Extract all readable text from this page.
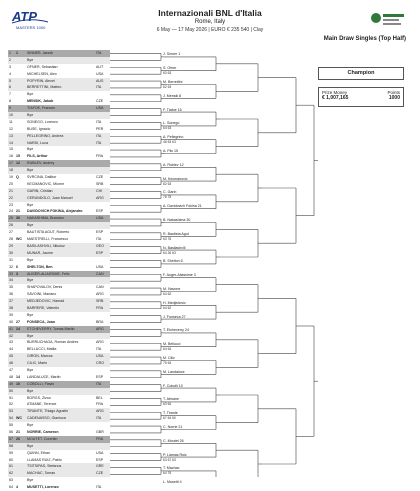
ATP
MASTERS 1000
Internazionali BNL d'Italia
Rome, Italy
6 May — 17 May 2026 | EURO € 235 540 | Clay
Main Draw Singles (Top Half)
Champion
Prize Money
€ 1,007,165
Points
1000
1 1	SINNER, Jannik	ITA
2	Bye
3	OFNER, Sebastian	AUT
4	MICHELSEN, Alex	USA
5	POPYRIN, Alexei	AUS
6	BERRETTINI, Matteo	ITA
7	Bye
8	MENSIK, Jakub	CZE
9	TIAFOE, Frances	USA
10	Bye
11	SONEGO, Lorenzo	ITA
12	BUSE, Ignacio	PER
13	PELLEGRINO, Andrea	ITA
14	NARDI, Luca	ITA
15	Bye
16 15 FILS, Arthur	FRA
17 12 RUBLEV, Andrey
18	Bye
19 Q SVRCINA, Dalibor	CZE
20	KECMANOVIC, Miomir	SRB
21	GARIN, Cristian	CHI
22	CERUNDOLO, Juan Manuel	ARG
23	Bye
24 21 DAVIDOVICH FOKINA, Alejandro	ESP
25 30 NAKASHIMA, Brandon	USA
26	Bye
27	BAUTISTA AGUT, Roberto	ESP
28 WC MAESTRELLI, Francesco	ITA
29	BASILASHVILI, Nikoloz	GEO
30	MUNAR, Jaume	ESP
31	Bye
32 6	SHELTON, Ben	USA
33 3	AUGER-ALIASSIME, Felix	CAN
34	Bye
35	SHAPOVALOV, Denis	CAN
36	SAVOINI, Mariano	ARG
37	MEDJEDOVIC, Hamad	SRB
38	BARRERE, Valentin	FRA
39	Bye
40 27 FONSECA, Joao	BRA
41 24 ETCHEVERRY, Tomas Martin	ARG
42	Bye
43	BURRUCHAGA, Roman Andres	ARG
44	BELLUCCI, Mattia	ITA
45	GIRON, Marcos	USA
46	CILIC, Marin	CRO
47	Bye
48 14 LANDALUCE, Martin	ESP
49 10 COBOLLI, Flavio	ITA
50	Bye
51	BORGS, Zizou	BEL
52	ATMANE, Terence	FRA
53	TIRANTE, Thiago Agustin	ARG
54 WC CADENASSO, Gianluca	ITA
55	Bye
56 21 NORRIE, Cameron	GBR
57 26 MOUTET, Corentin	FRA
58	Bye
59	QUINN, Ethan	USA
60	LLAMAS RUIZ, Pablo	ESP
61	TSITSIPAS, Stefanos	GRE
62	MACHAC, Tomas	CZE
63	Bye
64 4	MUSETTI, Lorenzo	ITA
J. Sinner 1
S. Ofner
63 63
M. Berrettini
62 63
J. Mensik 8
F. Tiafoe 16
L. Sonego
64 63
A. Pellegrino
46 63 63
A. Fils 15
A. Rublev 12
M. Kecmanovic
62 63
C. Garin
76 75
A. Davidovich Fokina 21
B. Nakashima 30
R. Bautista Agut
63 76
N. Basilashvili
64 26 63
B. Shelton 6
F. Auger-Aliassime 3
M. Navone
64 62
H. Medjedovic
64 62
J. Fonseca 27
T. Etcheverry 24
M. Bellucci
64 64
M. Cilic
75 64
M. Landaluce
F. Cobolli 10
T. Atmane
63 64
T. Tirante
67 64 60
C. Norrie 21
C. Moutet 26
P. Llamas Ruiz
63 67 63
T. Machac
64 76
L. Musetti 4
